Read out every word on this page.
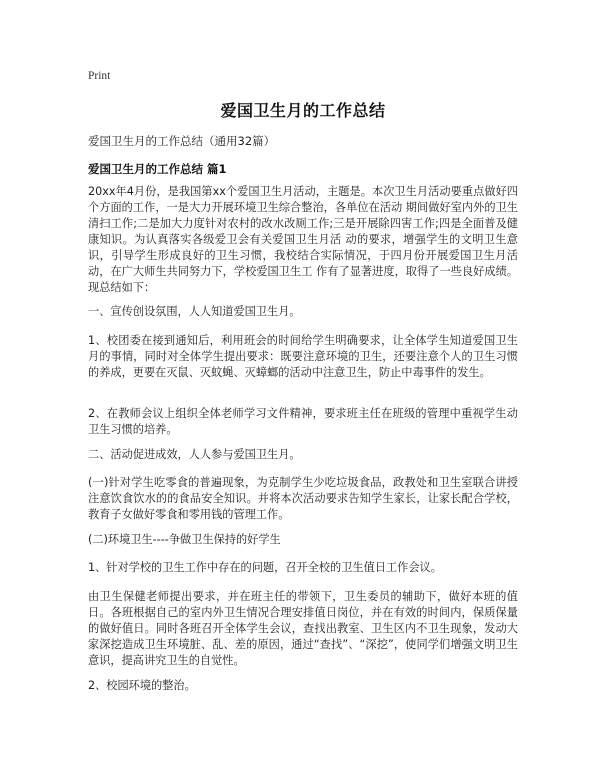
Print
爱国卫生月的工作总结
爱国卫生月的工作总结（通用32篇）
爱国卫生月的工作总结 篇1
20xx年4月份，是我国第xx个爱国卫生月活动，主题是。本次卫生月活动要重点做好四个方面的工作，一是大力开展环境卫生综合整治，各单位在活动 期间做好室内外的卫生清扫工作;二是加大力度针对农村的改水改厕工作;三是开展除四害工作;四是全面普及健康知识。为认真落实各级爱卫会有关爱国卫生月活 动的要求，增强学生的文明卫生意识，引导学生形成良好的卫生习惯，我校结合实际情况，于四月份开展爱国卫生月活动，在广大师生共同努力下，学校爱国卫生工 作有了显著进度，取得了一些良好成绩。现总结如下：
一、宣传创设氛围，人人知道爱国卫生月。
1、校团委在接到通知后，利用班会的时间给学生明确要求，让全体学生知道爱国卫生月的事情，同时对全体学生提出要求：既要注意环境的卫生，还要注意个人的卫生习惯的养成，更要在灭鼠、灭蚊蝇、灭蟑螂的活动中注意卫生，防止中毒事件的发生。
2、在教师会议上组织全体老师学习文件精神，要求班主任在班级的管理中重视学生动卫生习惯的培养。
二、活动促进成效，人人参与爱国卫生月。
(一)针对学生吃零食的普遍现象，为克制学生少吃垃圾食品，政教处和卫生室联合讲授注意饮食饮水的的食品安全知识。并将本次活动要求告知学生家长，让家长配合学校，教育子女做好零食和零用钱的管理工作。
(二)环境卫生----争做卫生保持的好学生
1、针对学校的卫生工作中存在的问题，召开全校的卫生值日工作会议。
由卫生保健老师提出要求，并在班主任的带领下，卫生委员的辅助下，做好本班的值日。各班根据自己的室内外卫生情况合理安排值日岗位，并在有效的时间内，保质保量的做好值日。同时各班召开全体学生会议，查找出教室、卫生区内不卫生现象，发动大家深挖造成卫生环境脏、乱、差的原因，通过“查找”、“深挖”，使同学们增强文明卫生意识，提高讲究卫生的自觉性。
2、校园环境的整治。
